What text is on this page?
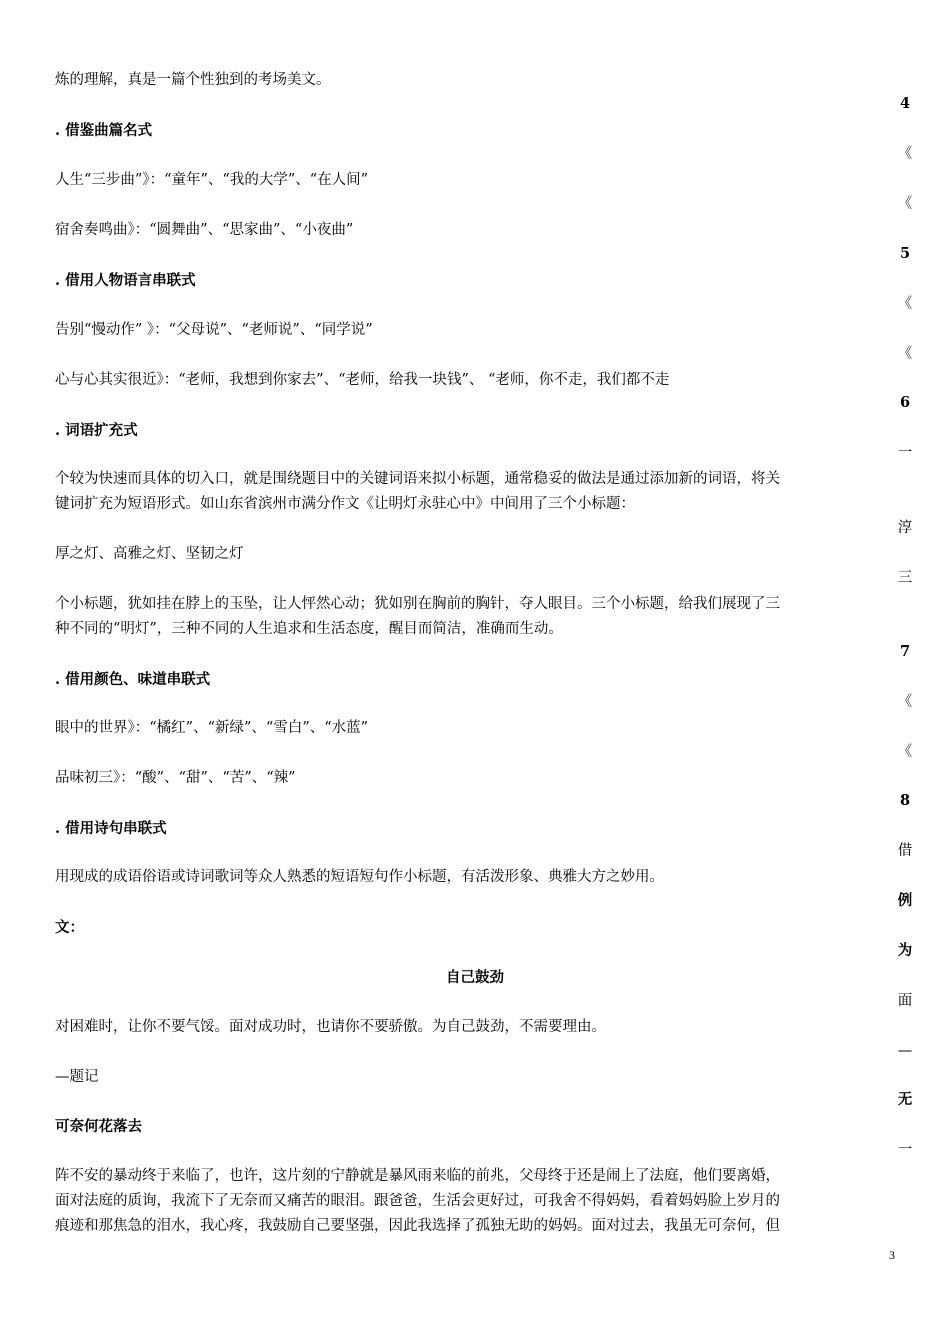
炼的理解，真是一篇个性独到的考场美文。

. 借鉴曲篇名式

人生“三步曲”》：“童年”、“我的大学”、“在人间”

宿舍奏鸣曲》：“圆舞曲”、“思家曲”、“小夜曲”

. 借用人物语言串联式

告别“慢动作” 》：“父母说”、“老师说”、“同学说”

心与心其实很近》：“老师，我想到你家去”、“老师，给我一块钱”、 “老师，你不走，我们都不走

. 词语扩充式

个较为快速而具体的切入口，就是围绕题目中的关键词语来拟小标题，通常稳妥的做法是通过添加新的词语，将关

键词扩充为短语形式。如山东省滨州市满分作文《让明灯永驻心中》中间用了三个小标题：

厚之灯、高雅之灯、坚韧之灯

个小标题，犹如挂在脖上的玉坠，让人怦然心动；犹如别在胸前的胸针，夺人眼目。三个小标题，给我们展现了三

种不同的“明灯”，三种不同的人生追求和生活态度，醒目而简洁，准确而生动。

. 借用颜色、味道串联式

眼中的世界》：“橘红”、“新绿”、“雪白”、“水蓝”

品味初三》：“酸”、“甜”、“苦”、“辣”

. 借用诗句串联式

用现成的成语俗语或诗词歌词等众人熟悉的短语短句作小标题，有活泼形象、典雅大方之妙用。

文：

自己鼓劲

对困难时，让你不要气馁。面对成功时，也请你不要骄傲。为自己鼓劲，不需要理由。

—题记

可奈何花落去

阵不安的暴动终于来临了，也许，这片刻的宁静就是暴风雨来临的前兆，父母终于还是闹上了法庭，他们要离婚，

面对法庭的质询，我流下了无奈而又痛苦的眼泪。跟爸爸，生活会更好过，可我舍不得妈妈，看着妈妈脸上岁月的

痕迹和那焦急的泪水，我心疼，我鼓励自己要坚强，因此我选择了孤独无助的妈妈。面对过去，我虽无可奈何，但

4
《
《
5
《
《
6
一
淳
三
7
《
《
8
借
例
为
面
—
无
一
3
